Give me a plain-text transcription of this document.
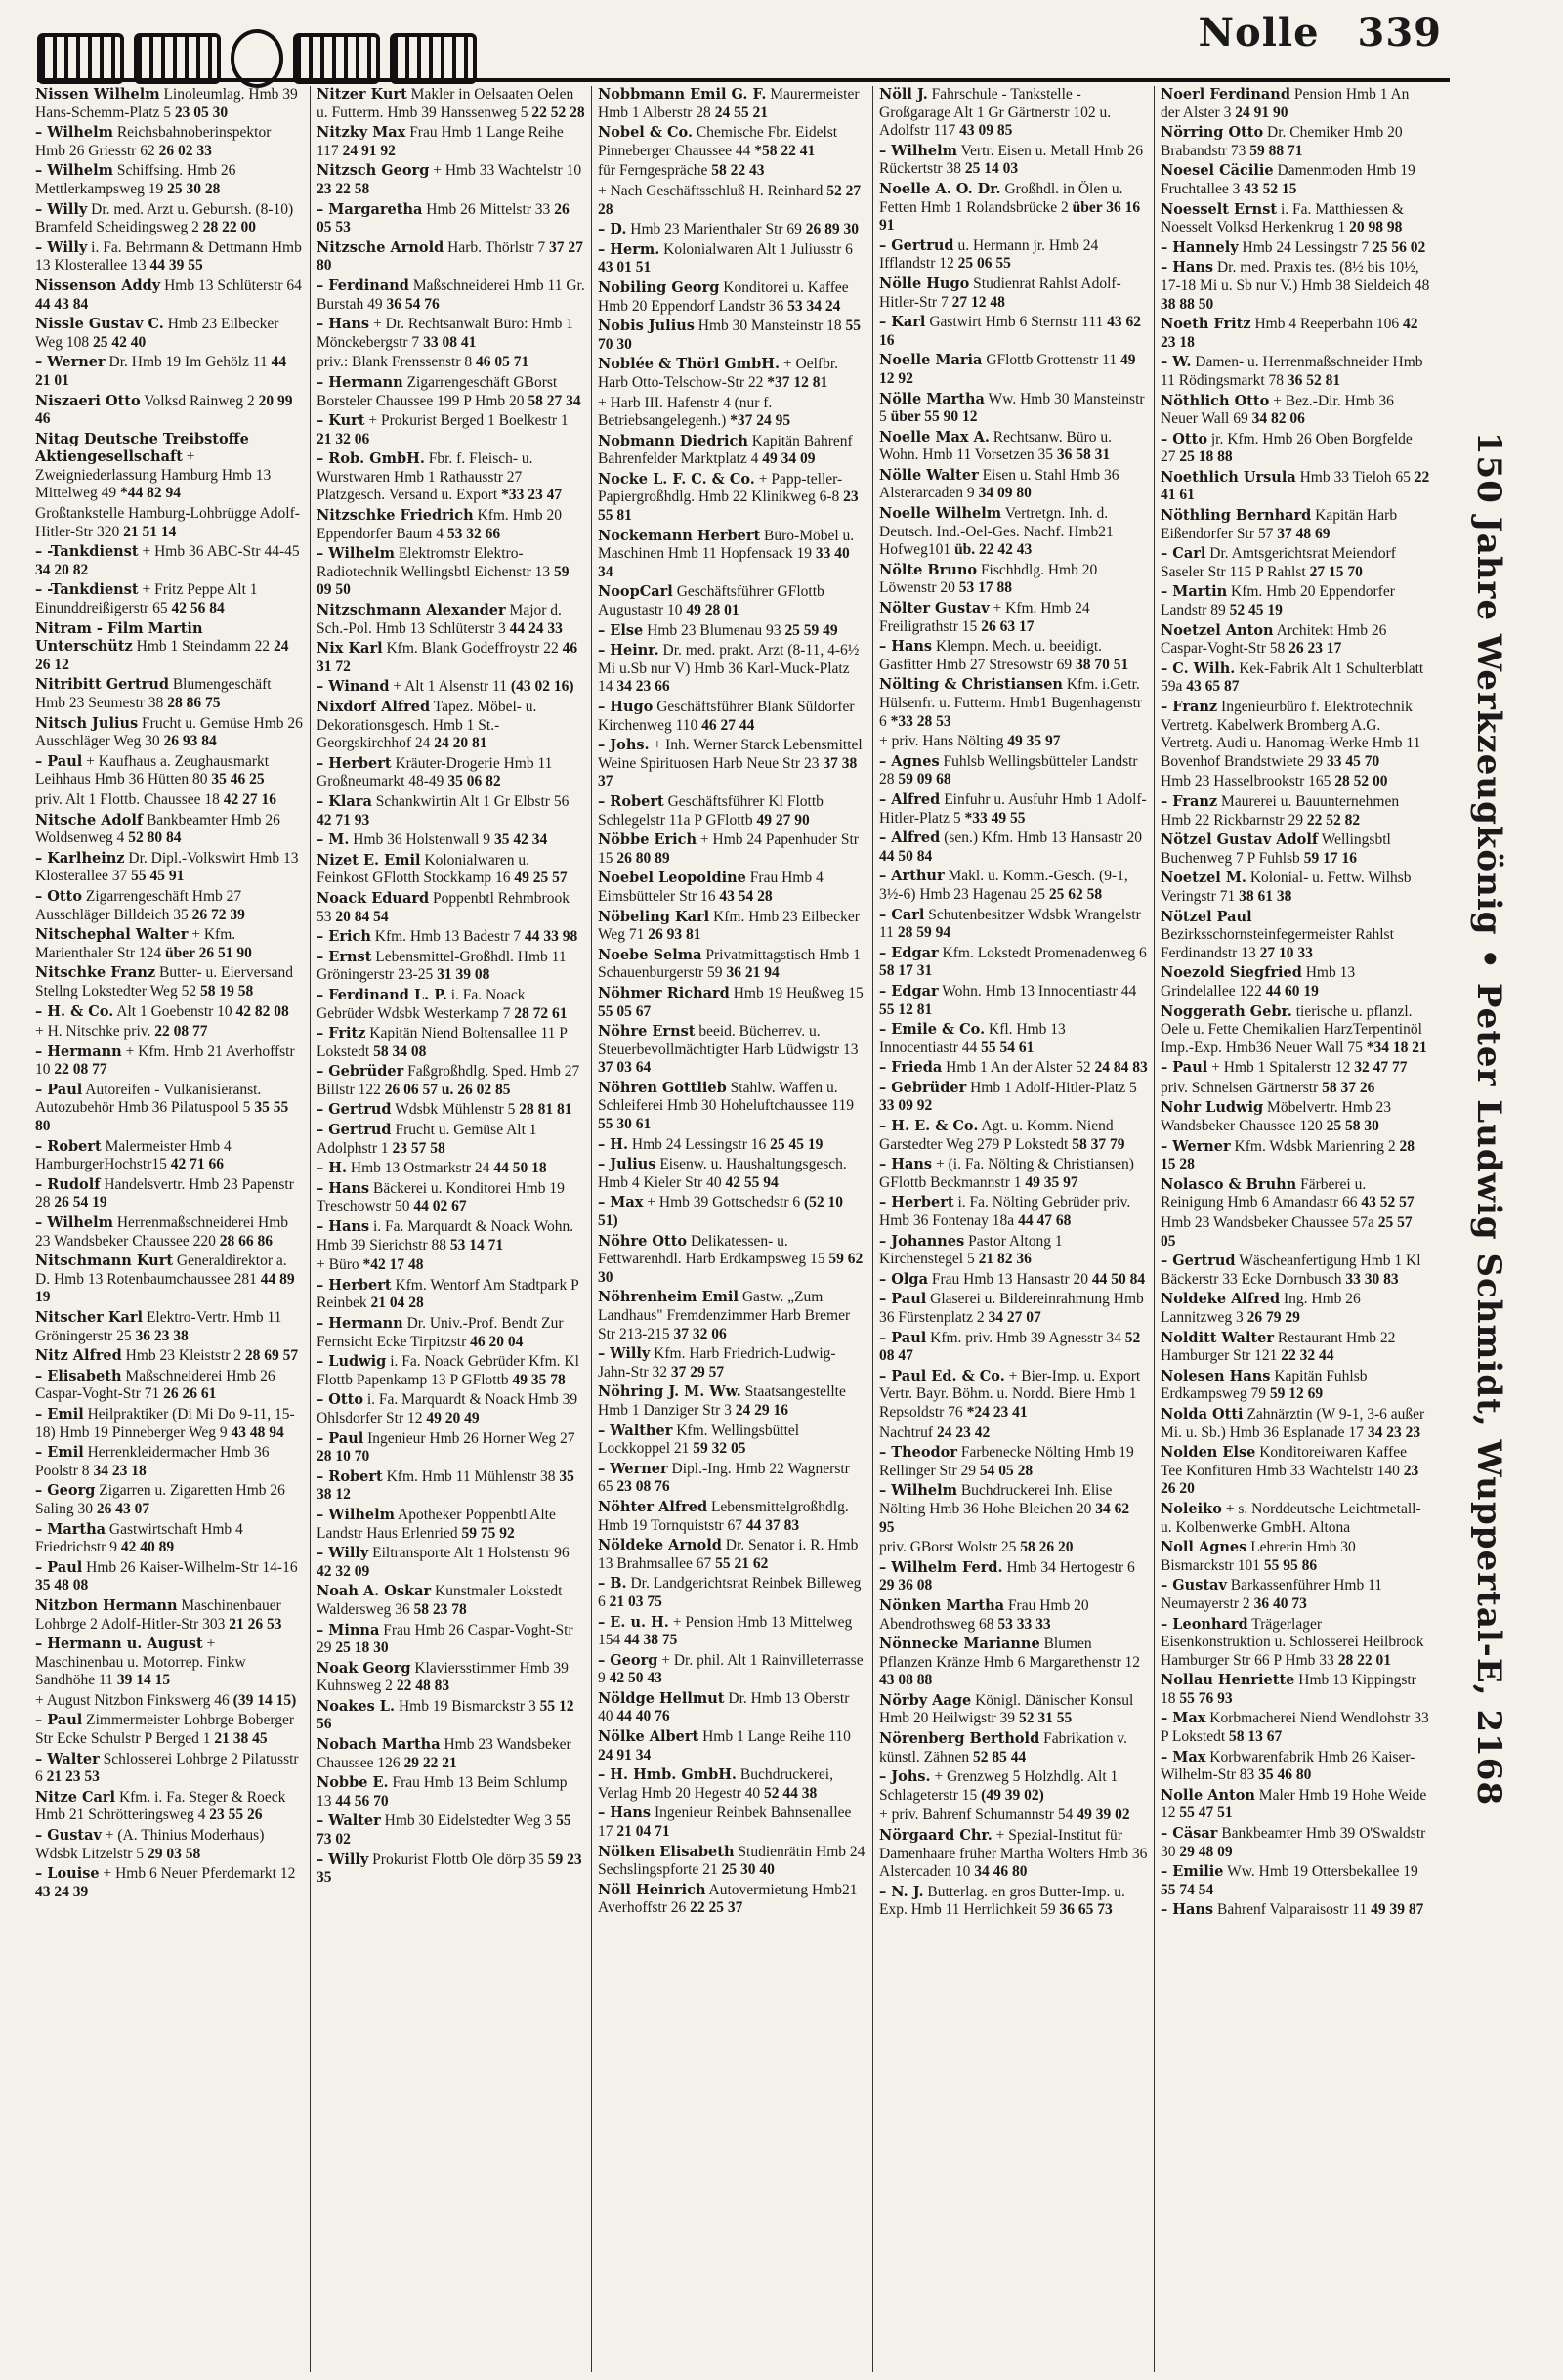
Nolle 339

Nissen Wilhelm Linoleumlag. Hmb 39 Hans-Schemm-Platz 5 23 05 30

– Wilhelm Reichsbahnoberinspektor Hmb 26 Griesstr 62 26 02 33

– Wilhelm Schiffsing. Hmb 26 Mettlerkampsweg 19 25 30 28

– Willy Dr. med. Arzt u. Geburtsh. (8-10) Bramfeld Scheidingsweg 2 28 22 00

– Willy i. Fa. Behrmann & Dettmann Hmb 13 Klosterallee 13 44 39 55

Nissenson Addy Hmb 13 Schlüterstr 64 44 43 84

Nissle Gustav C. Hmb 23 Eilbecker Weg 108 25 42 40

– Werner Dr. Hmb 19 Im Gehölz 11 44 21 01

Niszaeri Otto Volksd Rainweg 2 20 99 46

Nitag Deutsche Treibstoffe Aktiengesellschaft + Zweigniederlassung Hamburg Hmb 13 Mittelweg 49 *44 82 94

Großtankstelle Hamburg-Lohbrügge Adolf-Hitler-Str 320 21 51 14

– -Tankdienst + Hmb 36 ABC-Str 44-45 34 20 82

– -Tankdienst + Fritz Peppe Alt 1 Einunddreißigerstr 65 42 56 84

Nitram - Film Martin Unterschütz Hmb 1 Steindamm 22 24 26 12

Nitribitt Gertrud Blumengeschäft Hmb 23 Seumestr 38 28 86 75

Nitsch Julius Frucht u. Gemüse Hmb 26 Ausschläger Weg 30 26 93 84

– Paul + Kaufhaus a. Zeughausmarkt Leihhaus Hmb 36 Hütten 80 35 46 25

priv. Alt 1 Flottb. Chaussee 18 42 27 16

Nitsche Adolf Bankbeamter Hmb 26 Woldsenweg 4 52 80 84

– Karlheinz Dr. Dipl.-Volkswirt Hmb 13 Klosterallee 37 55 45 91

– Otto Zigarrengeschäft Hmb 27 Ausschläger Billdeich 35 26 72 39

Nitschephal Walter + Kfm. Marienthaler Str 124 über 26 51 90

Nitschke Franz Butter- u. Eierversand Stellng Lokstedter Weg 52 58 19 58

– H. & Co. Alt 1 Goebenstr 10 42 82 08

+ H. Nitschke priv. 22 08 77

– Hermann + Kfm. Hmb 21 Averhoffstr 10 22 08 77

– Paul Autoreifen - Vulkanisieranst. Autozubehör Hmb 36 Pilatuspool 5 35 55 80

– Robert Malermeister Hmb 4 HamburgerHochstr15 42 71 66

– Rudolf Handelsvertr. Hmb 23 Papenstr 28 26 54 19

– Wilhelm Herrenmaßschneiderei Hmb 23 Wandsbeker Chaussee 220 28 66 86

Nitschmann Kurt Generaldirektor a. D. Hmb 13 Rotenbaumchaussee 281 44 89 19

Nitscher Karl Elektro-Vertr. Hmb 11 Gröningerstr 25 36 23 38

Nitz Alfred Hmb 23 Kleiststr 2 28 69 57

– Elisabeth Maßschneiderei Hmb 26 Caspar-Voght-Str 71 26 26 61

– Emil Heilpraktiker (Di Mi Do 9-11, 15-18) Hmb 19 Pinneberger Weg 9 43 48 94

– Emil Herrenkleidermacher Hmb 36 Poolstr 8 34 23 18

– Georg Zigarren u. Zigaretten Hmb 26 Saling 30 26 43 07

– Martha Gastwirtschaft Hmb 4 Friedrichstr 9 42 40 89

– Paul Hmb 26 Kaiser-Wilhelm-Str 14-16 35 48 08

Nitzbon Hermann Maschinenbauer Lohbrge 2 Adolf-Hitler-Str 303 21 26 53

– Hermann u. August + Maschinenbau u. Motorrep. Finkw Sandhöhe 11 39 14 15

+ August Nitzbon Finkswerg 46 (39 14 15)

– Paul Zimmermeister Lohbrge Boberger Str Ecke Schulstr P Berged 1 21 38 45

– Walter Schlosserei Lohbrge 2 Pilatusstr 6 21 23 53

Nitze Carl Kfm. i. Fa. Steger & Roeck Hmb 21 Schrötteringsweg 4 23 55 26

– Gustav + (A. Thinius Moderhaus) Wdsbk Litzelstr 5 29 03 58

– Louise + Hmb 6 Neuer Pferdemarkt 12 43 24 39

Nitzer Kurt Makler in Oelsaaten Oelen u. Futterm. Hmb 39 Hanssenweg 5 22 52 28

Nitzky Max Frau Hmb 1 Lange Reihe 117 24 91 92

Nitzsch Georg + Hmb 33 Wachtelstr 10 23 22 58

– Margaretha Hmb 26 Mittelstr 33 26 05 53

Nitzsche Arnold Harb. Thörlstr 7 37 27 80

– Ferdinand Maßschneiderei Hmb 11 Gr. Burstah 49 36 54 76

– Hans + Dr. Rechtsanwalt Büro: Hmb 1 Mönckebergstr 7 33 08 41

priv.: Blank Frenssenstr 8 46 05 71

– Hermann Zigarrengeschäft GBorst Borsteler Chaussee 199 P Hmb 20 58 27 34

– Kurt + Prokurist Berged 1 Boelkestr 1 21 32 06

– Rob. GmbH. Fbr. f. Fleisch- u. Wurstwaren Hmb 1 Rathausstr 27 Platzgesch. Versand u. Export *33 23 47

Nitzschke Friedrich Kfm. Hmb 20 Eppendorfer Baum 4 53 32 66

– Wilhelm Elektromstr Elektro-Radiotechnik Wellingsbtl Eichenstr 13 59 09 50

Nitzschmann Alexander Major d. Sch.-Pol. Hmb 13 Schlüterstr 3 44 24 33

Nix Karl Kfm. Blank Godeffroystr 22 46 31 72

– Winand + Alt 1 Alsenstr 11 (43 02 16)

Nixdorf Alfred Tapez. Möbel- u. Dekorationsgesch. Hmb 1 St.-Georgskirchhof 24 24 20 81

– Herbert Kräuter-Drogerie Hmb 11 Großneumarkt 48-49 35 06 82

– Klara Schankwirtin Alt 1 Gr Elbstr 56 42 71 93

– M. Hmb 36 Holstenwall 9 35 42 34

Nizet E. Emil Kolonialwaren u. Feinkost GFlotth Stockkamp 16 49 25 57

Noack Eduard Poppenbtl Rehmbrook 53 20 84 54

– Erich Kfm. Hmb 13 Badestr 7 44 33 98

– Ernst Lebensmittel-Großhdl. Hmb 11 Gröningerstr 23-25 31 39 08

– Ferdinand L. P. i. Fa. Noack Gebrüder Wdsbk Westerkamp 7 28 72 61

– Fritz Kapitän Niend Boltensallee 11 P Lokstedt 58 34 08

– Gebrüder Faßgroßhdlg. Sped. Hmb 27 Billstr 122 26 06 57 u. 26 02 85

– Gertrud Wdsbk Mühlenstr 5 28 81 81

– Gertrud Frucht u. Gemüse Alt 1 Adolphstr 1 23 57 58

– H. Hmb 13 Ostmarkstr 24 44 50 18

– Hans Bäckerei u. Konditorei Hmb 19 Treschowstr 50 44 02 67

– Hans i. Fa. Marquardt & Noack Wohn. Hmb 39 Sierichstr 88 53 14 71

+ Büro *42 17 48

– Herbert Kfm. Wentorf Am Stadtpark P Reinbek 21 04 28

– Hermann Dr. Univ.-Prof. Bendt Zur Fernsicht Ecke Tirpitzstr 46 20 04

– Ludwig i. Fa. Noack Gebrüder Kfm. Kl Flottb Papenkamp 13 P GFlottb 49 35 78

– Otto i. Fa. Marquardt & Noack Hmb 39 Ohlsdorfer Str 12 49 20 49

– Paul Ingenieur Hmb 26 Horner Weg 27 28 10 70

– Robert Kfm. Hmb 11 Mühlenstr 38 35 38 12

– Wilhelm Apotheker Poppenbtl Alte Landstr Haus Erlenried 59 75 92

– Willy Eiltransporte Alt 1 Holstenstr 96 42 32 09

Noah A. Oskar Kunstmaler Lokstedt Waldersweg 36 58 23 78

– Minna Frau Hmb 26 Caspar-Voght-Str 29 25 18 30

Noak Georg Klaviersstimmer Hmb 39 Kuhnsweg 2 22 48 83

Noakes L. Hmb 19 Bismarckstr 3 55 12 56

Nobach Martha Hmb 23 Wandsbeker Chaussee 126 29 22 21

Nobbe E. Frau Hmb 13 Beim Schlump 13 44 56 70

– Walter Hmb 30 Eidelstedter Weg 3 55 73 02

– Willy Prokurist Flottb Ole dörp 35 59 23 35

Nobbmann Emil G. F. Maurermeister Hmb 1 Alberstr 28 24 55 21

Nobel & Co. Chemische Fbr. Eidelst Pinneberger Chaussee 44 *58 22 41

für Ferngespräche 58 22 43

+ Nach Geschäftsschluß H. Reinhard 52 27 28

– D. Hmb 23 Marienthaler Str 69 26 89 30

– Herm. Kolonialwaren Alt 1 Juliusstr 6 43 01 51

Nobiling Georg Konditorei u. Kaffee Hmb 20 Eppendorf Landstr 36 53 34 24

Nobis Julius Hmb 30 Mansteinstr 18 55 70 30

Noblée & Thörl GmbH. + Oelfbr. Harb Otto-Telschow-Str 22 *37 12 81

+ Harb III. Hafenstr 4 (nur f. Betriebsangelegenh.) *37 24 95

Nobmann Diedrich Kapitän Bahrenf Bahrenfelder Marktplatz 4 49 34 09

Nocke L. F. C. & Co. + Papp-teller- Papiergroßhdlg. Hmb 22 Klinikweg 6-8 23 55 81

Nockemann Herbert Büro-Möbel u. Maschinen Hmb 11 Hopfensack 19 33 40 34

NoopCarl Geschäftsführer GFlottb Augustastr 10 49 28 01

– Else Hmb 23 Blumenau 93 25 59 49

– Heinr. Dr. med. prakt. Arzt (8-11, 4-6½ Mi u.Sb nur V) Hmb 36 Karl-Muck-Platz 14 34 23 66

– Hugo Geschäftsführer Blank Süldorfer Kirchenweg 110 46 27 44

– Johs. + Inh. Werner Starck Lebensmittel Weine Spirituosen Harb Neue Str 23 37 38 37

– Robert Geschäftsführer Kl Flottb Schlegelstr 11a P GFlottb 49 27 90

Nöbbe Erich + Hmb 24 Papenhuder Str 15 26 80 89

Noebel Leopoldine Frau Hmb 4 Eimsbütteler Str 16 43 54 28

Nöbeling Karl Kfm. Hmb 23 Eilbecker Weg 71 26 93 81

Noebe Selma Privatmittagstisch Hmb 1 Schauenburgerstr 59 36 21 94

Nöhmer Richard Hmb 19 Heußweg 15 55 05 67

Nöhre Ernst beeid. Bücherrev. u. Steuerbevollmächtigter Harb Lüdwigstr 13 37 03 64

Nöhren Gottlieb Stahlw. Waffen u. Schleiferei Hmb 30 Hoheluftchaussee 119 55 30 61

– H. Hmb 24 Lessingstr 16 25 45 19

– Julius Eisenw. u. Haushaltungsgesch. Hmb 4 Kieler Str 40 42 55 94

– Max + Hmb 39 Gottschedstr 6 (52 10 51)

Nöhre Otto Delikatessen- u. Fettwarenhdl. Harb Erdkampsweg 15 59 62 30

Nöhrenheim Emil Gastw. „Zum Landhaus" Fremdenzimmer Harb Bremer Str 213-215 37 32 06

– Willy Kfm. Harb Friedrich-Ludwig-Jahn-Str 32 37 29 57

Nöhring J. M. Ww. Staatsangestellte Hmb 1 Danziger Str 3 24 29 16

– Walther Kfm. Wellingsbüttel Lockkoppel 21 59 32 05

– Werner Dipl.-Ing. Hmb 22 Wagnerstr 65 23 08 76

Nöhter Alfred Lebensmittelgroßhdlg. Hmb 19 Tornquiststr 67 44 37 83

Nöldeke Arnold Dr. Senator i. R. Hmb 13 Brahmsallee 67 55 21 62

– B. Dr. Landgerichtsrat Reinbek Billeweg 6 21 03 75

– E. u. H. + Pension Hmb 13 Mittelweg 154 44 38 75

– Georg + Dr. phil. Alt 1 Rainvilleterrasse 9 42 50 43

Nöldge Hellmut Dr. Hmb 13 Oberstr 40 44 40 76

Nölke Albert Hmb 1 Lange Reihe 110 24 91 34

– H. Hmb. GmbH. Buchdruckerei, Verlag Hmb 20 Hegestr 40 52 44 38

– Hans Ingenieur Reinbek Bahnsenallee 17 21 04 71

Nölken Elisabeth Studienrätin Hmb 24 Sechslingspforte 21 25 30 40

Nöll Heinrich Autovermietung Hmb21 Averhoffstr 26 22 25 37

Nöll J. Fahrschule - Tankstelle - Großgarage Alt 1 Gr Gärtnerstr 102 u. Adolfstr 117 43 09 85

– Wilhelm Vertr. Eisen u. Metall Hmb 26 Rückertstr 38 25 14 03

Noelle A. O. Dr. Großhdl. in Ölen u. Fetten Hmb 1 Rolandsbrücke 2 über 36 16 91

– Gertrud u. Hermann jr. Hmb 24 Ifflandstr 12 25 06 55

Nölle Hugo Studienrat Rahlst Adolf-Hitler-Str 7 27 12 48

– Karl Gastwirt Hmb 6 Sternstr 111 43 62 16

Noelle Maria GFlottb Grottenstr 11 49 12 92

Nölle Martha Ww. Hmb 30 Mansteinstr 5 über 55 90 12

Noelle Max A. Rechtsanw. Büro u. Wohn. Hmb 11 Vorsetzen 35 36 58 31

Nölle Walter Eisen u. Stahl Hmb 36 Alsterarcaden 9 34 09 80

Noelle Wilhelm Vertretgn. Inh. d. Deutsch. Ind.-Oel-Ges. Nachf. Hmb21 Hofweg101 üb. 22 42 43

Nölte Bruno Fischhdlg. Hmb 20 Löwenstr 20 53 17 88

Nölter Gustav + Kfm. Hmb 24 Freiligrathstr 15 26 63 17

– Hans Klempn. Mech. u. beeidigt. Gasfitter Hmb 27 Stresowstr 69 38 70 51

Nölting & Christiansen Kfm. i.Getr. Hülsenfr. u. Futterm. Hmb1 Bugenhagenstr 6 *33 28 53

+ priv. Hans Nölting 49 35 97

– Agnes Fuhlsb Wellingsbütteler Landstr 28 59 09 68

– Alfred Einfuhr u. Ausfuhr Hmb 1 Adolf-Hitler-Platz 5 *33 49 55

– Alfred (sen.) Kfm. Hmb 13 Hansastr 20 44 50 84

– Arthur Makl. u. Komm.-Gesch. (9-1, 3½-6) Hmb 23 Hagenau 25 25 62 58

– Carl Schutenbesitzer Wdsbk Wrangelstr 11 28 59 94

– Edgar Kfm. Lokstedt Promenadenweg 6 58 17 31

– Edgar Wohn. Hmb 13 Innocentiastr 44 55 12 81

– Emile & Co. Kfl. Hmb 13 Innocentiastr 44 55 54 61

– Frieda Hmb 1 An der Alster 52 24 84 83

– Gebrüder Hmb 1 Adolf-Hitler-Platz 5 33 09 92

– H. E. & Co. Agt. u. Komm. Niend Garstedter Weg 279 P Lokstedt 58 37 79

– Hans + (i. Fa. Nölting & Christiansen) GFlottb Beckmannstr 1 49 35 97

– Herbert i. Fa. Nölting Gebrüder priv. Hmb 36 Fontenay 18a 44 47 68

– Johannes Pastor Altong 1 Kirchenstegel 5 21 82 36

– Olga Frau Hmb 13 Hansastr 20 44 50 84

– Paul Glaserei u. Bildereinrahmung Hmb 36 Fürstenplatz 2 34 27 07

– Paul Kfm. priv. Hmb 39 Agnesstr 34 52 08 47

– Paul Ed. & Co. + Bier-Imp. u. Export Vertr. Bayr. Böhm. u. Nordd. Biere Hmb 1 Repsoldstr 76 *24 23 41

Nachtruf 24 23 42

– Theodor Farbenecke Nölting Hmb 19 Rellinger Str 29 54 05 28

– Wilhelm Buchdruckerei Inh. Elise Nölting Hmb 36 Hohe Bleichen 20 34 62 95

priv. GBorst Wolstr 25 58 26 20

– Wilhelm Ferd. Hmb 34 Hertogestr 6 29 36 08

Nönken Martha Frau Hmb 20 Abendrothsweg 68 53 33 33

Nönnecke Marianne Blumen Pflanzen Kränze Hmb 6 Margarethenstr 12 43 08 88

Nörby Aage Königl. Dänischer Konsul Hmb 20 Heilwigstr 39 52 31 55

Nörenberg Berthold Fabrikation v. künstl. Zähnen 52 85 44

– Johs. + Grenzweg 5 Holzhdlg. Alt 1 Schlageterstr 15 (49 39 02)

+ priv. Bahrenf Schumannstr 54 49 39 02

Nörgaard Chr. + Spezial-Institut für Damenhaare früher Martha Wolters Hmb 36 Alstercaden 10 34 46 80

– N. J. Butterlag. en gros Butter-Imp. u. Exp. Hmb 11 Herrlichkeit 59 36 65 73

Noerl Ferdinand Pension Hmb 1 An der Alster 3 24 91 90

Nörring Otto Dr. Chemiker Hmb 20 Brabandstr 73 59 88 71

Noesel Cäcilie Damenmoden Hmb 19 Fruchtallee 3 43 52 15

Noesselt Ernst i. Fa. Matthiessen & Noesselt Volksd Herkenkrug 1 20 98 98

– Hannely Hmb 24 Lessingstr 7 25 56 02

– Hans Dr. med. Praxis tes. (8½ bis 10½, 17-18 Mi u. Sb nur V.) Hmb 38 Sieldeich 48 38 88 50

Noeth Fritz Hmb 4 Reeperbahn 106 42 23 18

– W. Damen- u. Herrenmaßschneider Hmb 11 Rödingsmarkt 78 36 52 81

Nöthlich Otto + Bez.-Dir. Hmb 36 Neuer Wall 69 34 82 06

– Otto jr. Kfm. Hmb 26 Oben Borgfelde 27 25 18 88

Noethlich Ursula Hmb 33 Tieloh 65 22 41 61

Nöthling Bernhard Kapitän Harb Eißendorfer Str 57 37 48 69

– Carl Dr. Amtsgerichtsrat Meiendorf Saseler Str 115 P Rahlst 27 15 70

– Martin Kfm. Hmb 20 Eppendorfer Landstr 89 52 45 19

Noetzel Anton Architekt Hmb 26 Caspar-Voght-Str 58 26 23 17

– C. Wilh. Kek-Fabrik Alt 1 Schulterblatt 59a 43 65 87

– Franz Ingenieurbüro f. Elektrotechnik Vertretg. Kabelwerk Bromberg A.G. Vertretg. Audi u. Hanomag-Werke Hmb 11 Bovenhof Brandstwiete 29 33 45 70

Hmb 23 Hasselbrookstr 165 28 52 00

– Franz Maurerei u. Bauunternehmen Hmb 22 Rickbarnstr 29 22 52 82

Nötzel Gustav Adolf Wellingsbtl Buchenweg 7 P Fuhlsb 59 17 16

Noetzel M. Kolonial- u. Fettw. Wilhsb Veringstr 71 38 61 38

Nötzel Paul Bezirksschornsteinfegermeister Rahlst Ferdinandstr 13 27 10 33

Noezold Siegfried Hmb 13 Grindelallee 122 44 60 19

Noggerath Gebr. tierische u. pflanzl. Oele u. Fette Chemikalien HarzTerpentinöl Imp.-Exp. Hmb36 Neuer Wall 75 *34 18 21

– Paul + Hmb 1 Spitalerstr 12 32 47 77

priv. Schnelsen Gärtnerstr 58 37 26

Nohr Ludwig Möbelvertr. Hmb 23 Wandsbeker Chaussee 120 25 58 30

– Werner Kfm. Wdsbk Marienring 2 28 15 28

Nolasco & Bruhn Färberei u. Reinigung Hmb 6 Amandastr 66 43 52 57

Hmb 23 Wandsbeker Chaussee 57a 25 57 05

– Gertrud Wäscheanfertigung Hmb 1 Kl Bäckerstr 33 Ecke Dornbusch 33 30 83

Noldeke Alfred Ing. Hmb 26 Lannitzweg 3 26 79 29

Nolditt Walter Restaurant Hmb 22 Hamburger Str 121 22 32 44

Nolesen Hans Kapitän Fuhlsb Erdkampsweg 79 59 12 69

Nolda Otti Zahnärztin (W 9-1, 3-6 außer Mi. u. Sb.) Hmb 36 Esplanade 17 34 23 23

Nolden Else Konditoreiwaren Kaffee Tee Konfitüren Hmb 33 Wachtelstr 140 23 26 20

Noleiko + s. Norddeutsche Leichtmetall- u. Kolbenwerke GmbH. Altona

Noll Agnes Lehrerin Hmb 30 Bismarckstr 101 55 95 86

– Gustav Barkassenführer Hmb 11 Neumayerstr 2 36 40 73

– Leonhard Trägerlager Eisenkonstruktion u. Schlosserei Heilbrook Hamburger Str 66 P Hmb 33 28 22 01

Nollau Henriette Hmb 13 Kippingstr 18 55 76 93

– Max Korbmacherei Niend Wendlohstr 33 P Lokstedt 58 13 67

– Max Korbwarenfabrik Hmb 26 Kaiser-Wilhelm-Str 83 35 46 80

Nolle Anton Maler Hmb 19 Hohe Weide 12 55 47 51

– Cäsar Bankbeamter Hmb 39 O'Swaldstr 30 29 48 09

– Emilie Ww. Hmb 19 Ottersbekallee 19 55 74 54

– Hans Bahrenf Valparaisostr 11 49 39 87

150 Jahre Werkzeugkönig • Peter Ludwig Schmidt, Wuppertal-E, 2168
